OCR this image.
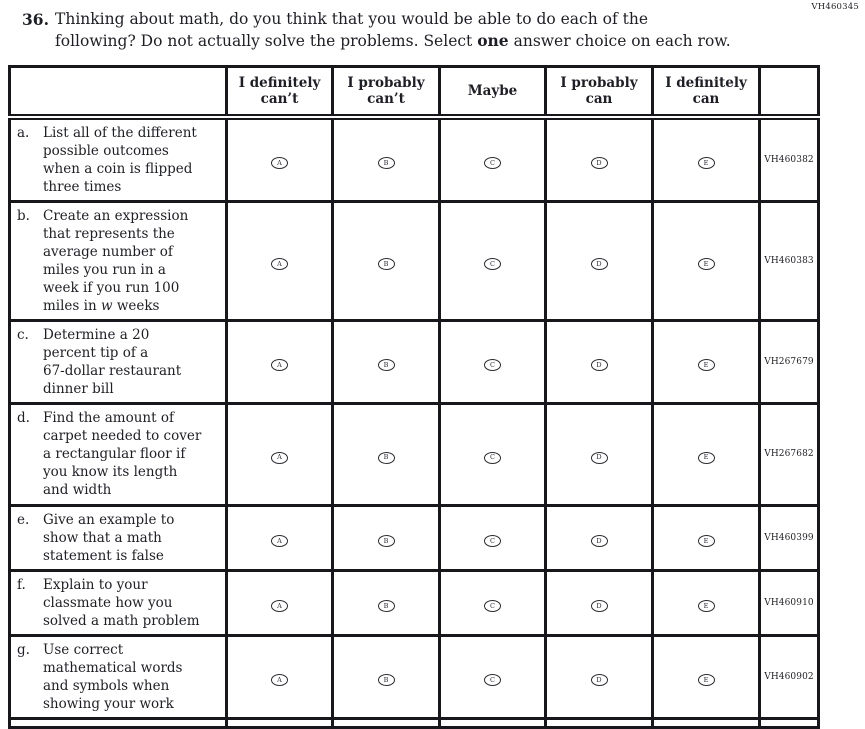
VH460345
36. Thinking about math, do you think that you would be able to do each of the
following? Do not actually solve the problems. Select one answer choice on each row.
	I definitely can’t	I probably can’t	Maybe	I probably can	I definitely can	

a. List all of the different
possible outcomes
when a coin is flipped
three times	A	B	C	D	E	VH460382

b. Create an expression
that represents the
average number of
miles you run in a
week if you run 100
miles in w weeks
	A	B	C	D	E	VH460383

c. Determine a 20
percent tip of a
67-dollar restaurant
dinner bill	A	B	C	D	E	VH267679

d. Find the amount of
carpet needed to cover
a rectangular floor if
you know its length
and width
	A	B	C	D	E	VH267682

e. Give an example to
show that a math
statement is false	A	B	C	D	E	VH460399

f. Explain to your
classmate how you
solved a math problem	A	B	C	D	E	VH460910

g. Use correct
mathematical words
and symbols when
showing your work	A	B	C	D	E	VH460902
